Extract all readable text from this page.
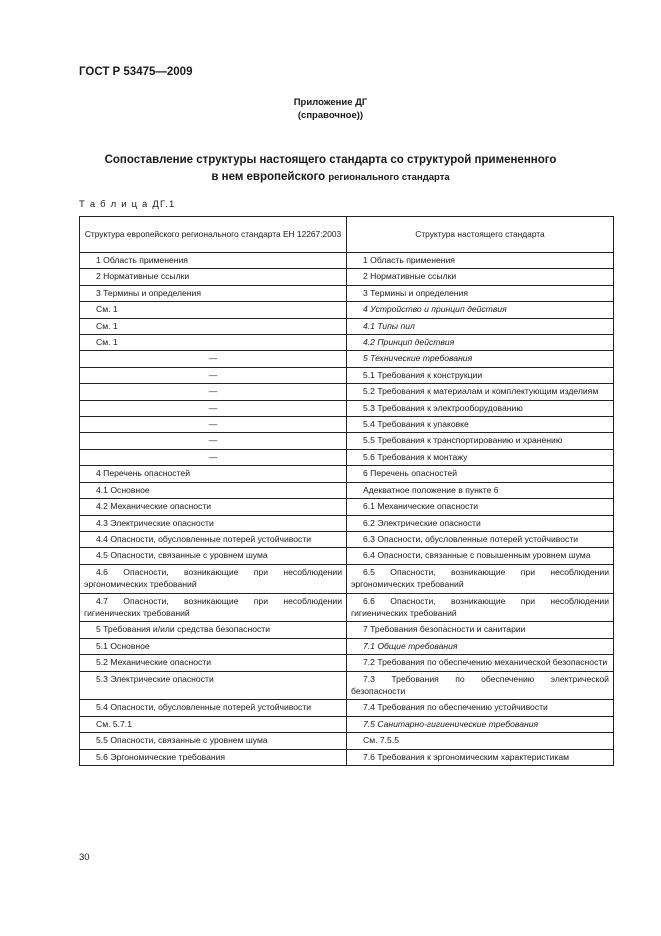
ГОСТ Р 53475—2009
Приложение ДГ
(справочное))
Сопоставление структуры настоящего стандарта со структурой примененного
в нем европейского регионального стандарта
Т а б л и ц а ДГ.1
Структура европейского регионального стандарта ЕН 12267:2003	Структура настоящего стандарта
1 Область применения	1 Область применения
2 Нормативные ссылки	2 Нормативные ссылки
3 Термины и определения	3 Термины и определения
См. 1	4 Устройство и принцип действия
См. 1	4.1 Типы пил
См. 1	4.2 Принцип действия
—	5 Технические требования
—	5.1 Требования к конструкции
—	5.2 Требования к материалам и комплектующим изделиям
—	5.3 Требования к электрооборудованию
—	5.4 Требования к упаковке
—	5.5 Требования к транспортированию и хранению
—	5.6 Требования к монтажу
4 Перечень опасностей	6 Перечень опасностей
4.1 Основное	Адекватное положение в пункте 6
4.2 Механические опасности	6.1 Механические опасности
4.3 Электрические опасности	6.2 Электрические опасности
4.4 Опасности, обусловленные потерей устойчивости	6.3 Опасности, обусловленные потерей устойчивости
4.5 Опасности, связанные с уровнем шума	6.4 Опасности, связанные с повышенным уровнем шума
4.6 Опасности, возникающие при несоблюдении эргономических требований	6.5 Опасности, возникающие при несоблюдении эргономических требований
4.7 Опасности, возникающие при несоблюдении гигиенических требований	6.6 Опасности, возникающие при несоблюдении гигиенических требований
5 Требования и/или средства безопасности	7 Требования безопасности и санитарии
5.1 Основное	7.1 Общие требования
5.2 Механические опасности	7.2 Требования по обеспечению механической безопасности
5.3 Электрические опасности	7.3 Требования по обеспечению электрической безопасности
5.4 Опасности, обусловленные потерей устойчивости	7.4 Требования по обеспечению устойчивости
См. 5.7.1	7.5 Санитарно-гигиенические требования
5.5 Опасности, связанные с уровнем шума	См. 7.5.5
5.6 Эргономические требования	7.6 Требования к эргономическим характеристикам
30
